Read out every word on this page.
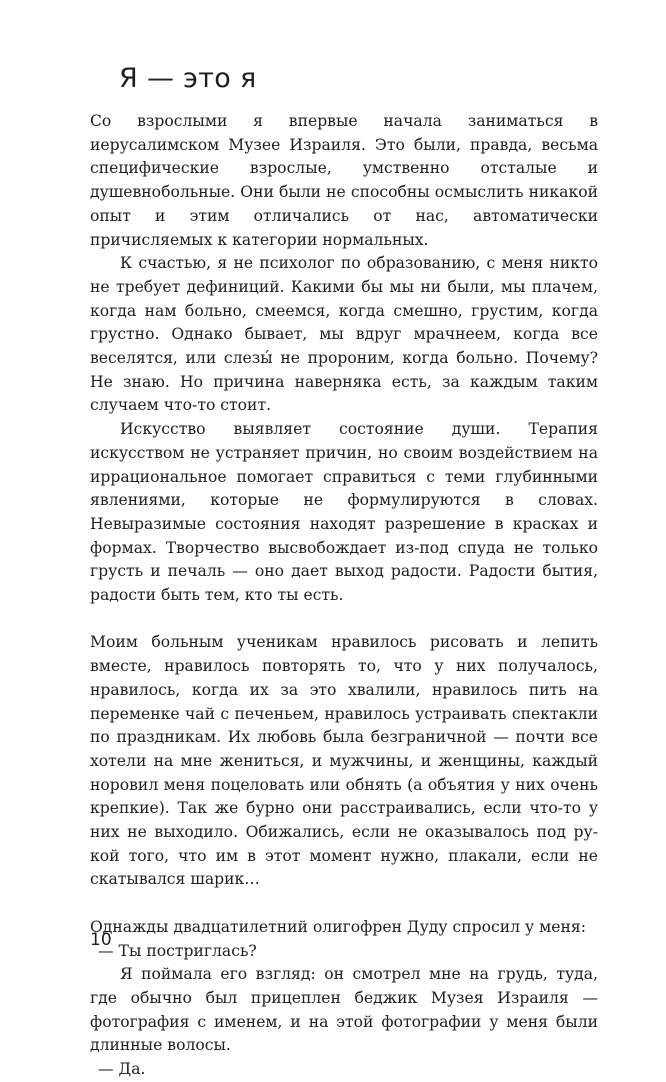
Я — это я

Со взрослыми я впервые начала заниматься в иерусалимском Музее Израиля. Это были, правда, весьма специфические взрослые, умственно отсталые и душевнобольные. Они были не способны осмыслить никакой опыт и этим отличались от нас, автоматически причисляемых к категории нормальных.

К счастью, я не психолог по образованию, с меня никто не требует дефиниций. Какими бы мы ни были, мы плачем, когда нам больно, смеемся, когда смешно, грустим, когда грустно. Однако бывает, мы вдруг мрачнеем, когда все веселятся, или слезы́ не пророним, когда больно. Почему? Не знаю. Но причина наверняка есть, за каждым таким случаем что-то стоит.

Искусство выявляет состояние души. Терапия искусством не устраняет причин, но своим воздействием на иррациональное помогает справиться с теми глубинными явлениями, которые не формулируются в словах. Невыразимые состояния находят разрешение в красках и формах. Творчество высвобождает из-под спуда не только грусть и печаль — оно дает выход радости. Радости бытия, радости быть тем, кто ты есть.

Моим больным ученикам нравилось рисовать и лепить вместе, нравилось повторять то, что у них получалось, нравилось, когда их за это хвалили, нравилось пить на переменке чай с печеньем, нравилось устраивать спектакли по праздникам. Их любовь была безграничной — почти все хотели на мне жениться, и мужчины, и женщины, каждый норовил меня поцеловать или обнять (а объятия у них очень крепкие). Так же бурно они расстраивались, если что-то у них не выходило. Обижались, если не оказывалось под рукой того, что им в этот момент нужно, плакали, если не скатывался шарик…

Однажды двадцатилетний олигофрен Дуду спросил у меня:

— Ты постриглась?

Я поймала его взгляд: он смотрел мне на грудь, туда, где обычно был прицеплен беджик Музея Израиля — фотография с именем, и на этой фотографии у меня были длинные волосы.

— Да.

10
